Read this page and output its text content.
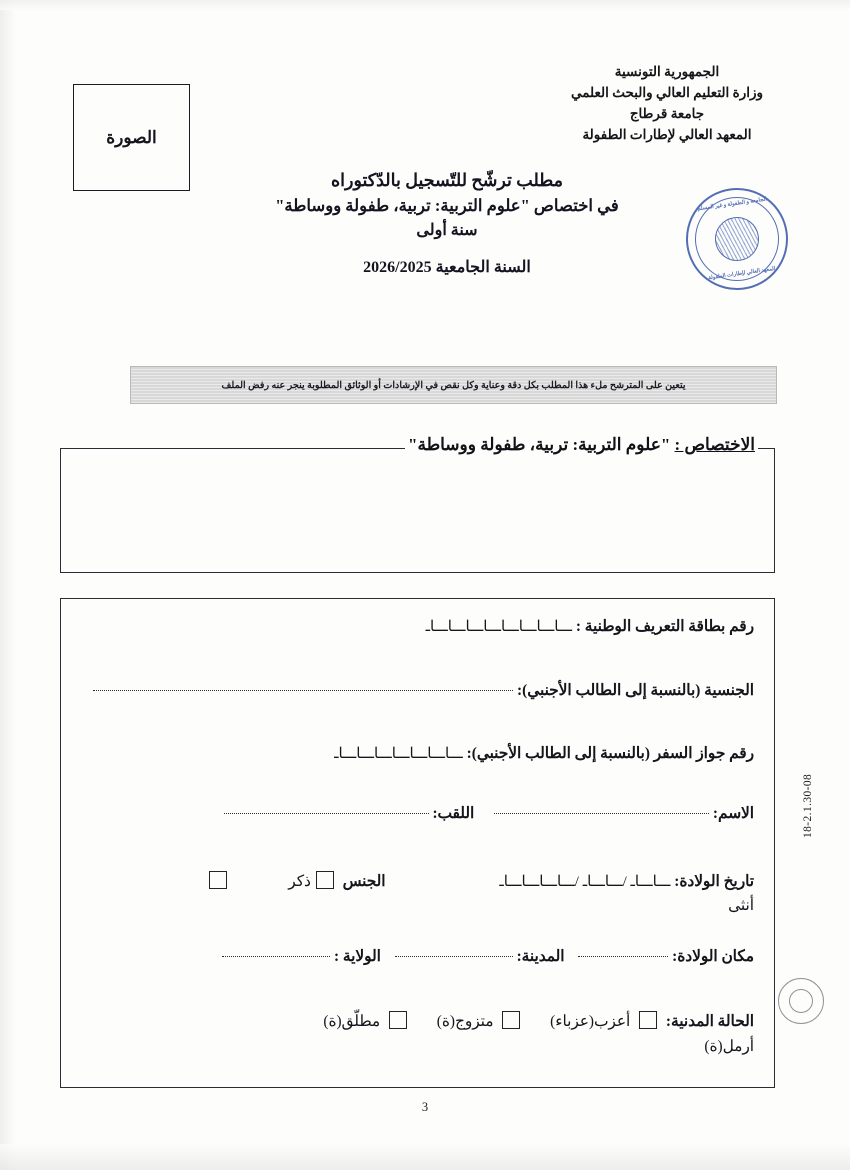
الجمهورية التونسية
وزارة التعليم العالي والبحث العلمي
جامعة قرطاج
المعهد العالي لإطارات الطفولة
الصورة
مطلب ترشّح للتّسجيل بالدّكتوراه
في اختصاص "علوم التربية: تربية، طفولة ووساطة"
سنة أولى
السنة الجامعية 2026/2025
الجامعة و الطفولة و غير المسلم
المعهد العالي لإطارات الطفولة
يتعين على المترشح ملء هذا المطلب بكل دقة وعناية وكل نقص في الإرشادات أو الوثائق المطلوبة ينجر عنه رفض الملف
الاختصاص : "علوم التربية: تربية، طفولة ووساطة"
رقم بطاقة التعريف الوطنية : ـــاـــاـــاـــاـــاـــاـــاـــاـ
الجنسية (بالنسبة إلى الطالب الأجنبي):
رقم جواز السفر (بالنسبة إلى الطالب الأجنبي): ـــاـــاـــاـــاـــاـــاـــاـ
الاسم:  اللقب:
تاريخ الولادة: ـــاـــاـ /ـــاـــاـ /ـــاـــاـــاـــاـ الجنس ذكر
أنثى
مكان الولادة:  المدينة:  الولاية :
الحالة المدنية:  أعزب(عزباء)  متزوج(ة)  مطلّق(ة)
أرمل(ة)
18-2.1.30-08
3
